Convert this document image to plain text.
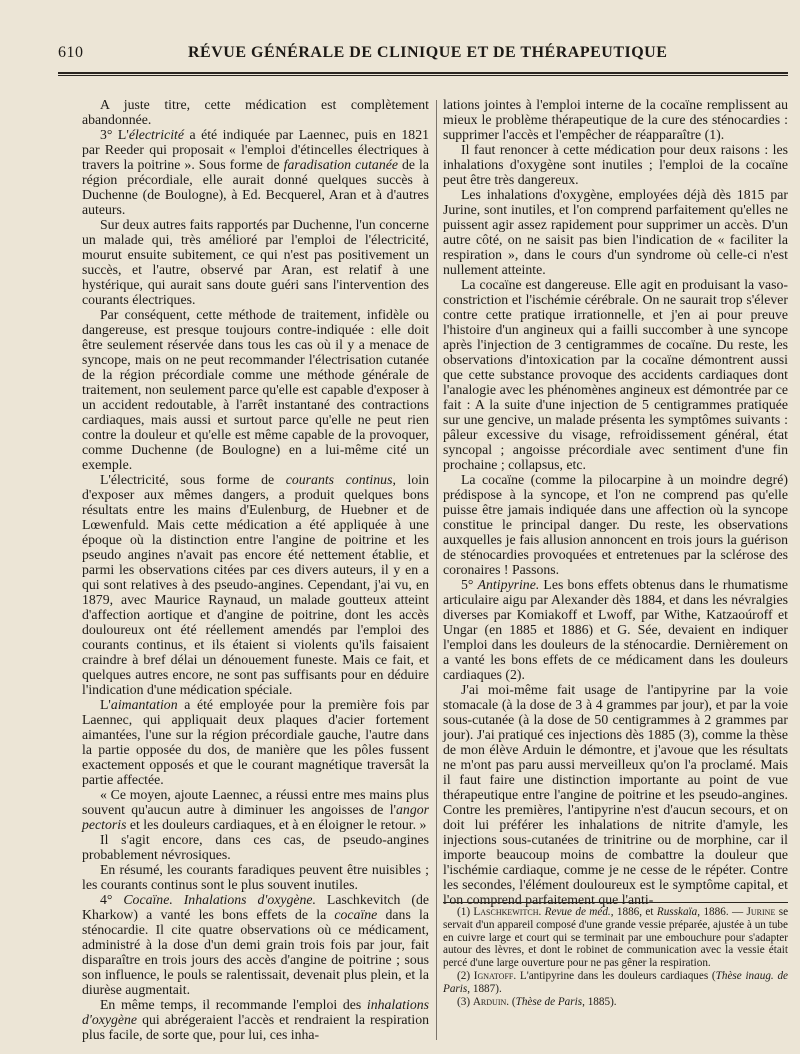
610	RÉVUE GÉNÉRALE DE CLINIQUE ET DE THÉRAPEUTIQUE

A juste titre, cette médication est complètement abandonnée.

3° L'électricité a été indiquée par Laennec, puis en 1821 par Reeder qui proposait « l'emploi d'étincelles électriques à travers la poitrine ». Sous forme de faradisation cutanée de la région précordiale, elle aurait donné quelques succès à Duchenne (de Boulogne), à Ed. Becquerel, Aran et à d'autres auteurs.

Sur deux autres faits rapportés par Duchenne, l'un concerne un malade qui, très amélioré par l'emploi de l'électricité, mourut ensuite subitement, ce qui n'est pas positivement un succès, et l'autre, observé par Aran, est relatif à une hystérique, qui aurait sans doute guéri sans l'intervention des courants électriques.

Par conséquent, cette méthode de traitement, infidèle ou dangereuse, est presque toujours contre-indiquée : elle doit être seulement réservée dans tous les cas où il y a menace de syncope, mais on ne peut recommander l'électrisation cutanée de la région précordiale comme une méthode générale de traitement, non seulement parce qu'elle est capable d'exposer à un accident redoutable, à l'arrêt instantané des contractions cardiaques, mais aussi et surtout parce qu'elle ne peut rien contre la douleur et qu'elle est même capable de la provoquer, comme Duchenne (de Boulogne) en a lui-même cité un exemple.

L'électricité, sous forme de courants continus, loin d'exposer aux mêmes dangers, a produit quelques bons résultats entre les mains d'Eulenburg, de Huebner et de Lœwenfuld. Mais cette médication a été appliquée à une époque où la distinction entre l'angine de poitrine et les pseudo angines n'avait pas encore été nettement établie, et parmi les observations citées par ces divers auteurs, il y en a qui sont relatives à des pseudo-angines. Cependant, j'ai vu, en 1879, avec Maurice Raynaud, un malade goutteux atteint d'affection aortique et d'angine de poitrine, dont les accès douloureux ont été réellement amendés par l'emploi des courants continus, et ils étaient si violents qu'ils faisaient craindre à bref délai un dénouement funeste. Mais ce fait, et quelques autres encore, ne sont pas suffisants pour en déduire l'indication d'une médication spéciale.

L'aimantation a été employée pour la première fois par Laennec, qui appliquait deux plaques d'acier fortement aimantées, l'une sur la région précordiale gauche, l'autre dans la partie opposée du dos, de manière que les pôles fussent exactement opposés et que le courant magnétique traversât la partie affectée.

« Ce moyen, ajoute Laennec, a réussi entre mes mains plus souvent qu'aucun autre à diminuer les angoisses de l'angor pectoris et les douleurs cardiaques, et à en éloigner le retour. »

Il s'agit encore, dans ces cas, de pseudo-angines probablement névrosiques.

En résumé, les courants faradiques peuvent être nuisibles ; les courants continus sont le plus souvent inutiles.

4° Cocaïne. Inhalations d'oxygène. Laschkevitch (de Kharkow) a vanté les bons effets de la cocaïne dans la sténocardie. Il cite quatre observations où ce médicament, administré à la dose d'un demi grain trois fois par jour, fait disparaître en trois jours des accès d'angine de poitrine ; sous son influence, le pouls se ralentissait, devenait plus plein, et la diurèse augmentait.

En même temps, il recommande l'emploi des inhalations d'oxygène qui abrégeraient l'accès et rendraient la respiration plus facile, de sorte que, pour lui, ces inha-

lations jointes à l'emploi interne de la cocaïne remplissent au mieux le problème thérapeutique de la cure des sténocardies : supprimer l'accès et l'empêcher de réapparaître (1).

Il faut renoncer à cette médication pour deux raisons : les inhalations d'oxygène sont inutiles ; l'emploi de la cocaïne peut être très dangereux.

Les inhalations d'oxygène, employées déjà dès 1815 par Jurine, sont inutiles, et l'on comprend parfaitement qu'elles ne puissent agir assez rapidement pour supprimer un accès. D'un autre côté, on ne saisit pas bien l'indication de « faciliter la respiration », dans le cours d'un syndrome où celle-ci n'est nullement atteinte.

La cocaïne est dangereuse. Elle agit en produisant la vaso-constriction et l'ischémie cérébrale. On ne saurait trop s'élever contre cette pratique irrationnelle, et j'en ai pour preuve l'histoire d'un angineux qui a failli succomber à une syncope après l'injection de 3 centigrammes de cocaïne. Du reste, les observations d'intoxication par la cocaïne démontrent aussi que cette substance provoque des accidents cardiaques dont l'analogie avec les phénomènes angineux est démontrée par ce fait : A la suite d'une injection de 5 centigrammes pratiquée sur une gencive, un malade présenta les symptômes suivants : pâleur excessive du visage, refroidissement général, état syncopal ; angoisse précordiale avec sentiment d'une fin prochaine ; collapsus, etc.

La cocaïne (comme la pilocarpine à un moindre degré) prédispose à la syncope, et l'on ne comprend pas qu'elle puisse être jamais indiquée dans une affection où la syncope constitue le principal danger. Du reste, les observations auxquelles je fais allusion annoncent en trois jours la guérison de sténocardies provoquées et entretenues par la sclérose des coronaires ! Passons.

5° Antipyrine. Les bons effets obtenus dans le rhumatisme articulaire aigu par Alexander dès 1884, et dans les névralgies diverses par Komiakoff et Lwoff, par Withe, Katzaoúroff et Ungar (en 1885 et 1886) et G. Sée, devaient en indiquer l'emploi dans les douleurs de la sténocardie. Dernièrement on a vanté les bons effets de ce médicament dans les douleurs cardiaques (2).

J'ai moi-même fait usage de l'antipyrine par la voie stomacale (à la dose de 3 à 4 grammes par jour), et par la voie sous-cutanée (à la dose de 50 centigrammes à 2 grammes par jour). J'ai pratiqué ces injections dès 1885 (3), comme la thèse de mon élève Arduin le démontre, et j'avoue que les résultats ne m'ont pas paru aussi merveilleux qu'on l'a proclamé. Mais il faut faire une distinction importante au point de vue thérapeutique entre l'angine de poitrine et les pseudo-angines. Contre les premières, l'antipyrine n'est d'aucun secours, et on doit lui préférer les inhalations de nitrite d'amyle, les injections sous-cutanées de trinitrine ou de morphine, car il importe beaucoup moins de combattre la douleur que l'ischémie cardiaque, comme je ne cesse de le répéter. Contre les secondes, l'élément douloureux est le symptôme capital, et l'on comprend parfaitement que l'anti-

(1) Laschkewitch. Revue de méd., 1886, et Russkaïa, 1886. — Jurine se servait d'un appareil composé d'une grande vessie préparée, ajustée à un tube en cuivre large et court qui se terminait par une embouchure pour s'adapter autour des lèvres, et dont le robinet de communication avec la vessie était percé d'une large ouverture pour ne pas gêner la respiration.

(2) Ignatoff. L'antipyrine dans les douleurs cardiaques (Thèse inaug. de Paris, 1887).

(3) Arduin. (Thèse de Paris, 1885).
